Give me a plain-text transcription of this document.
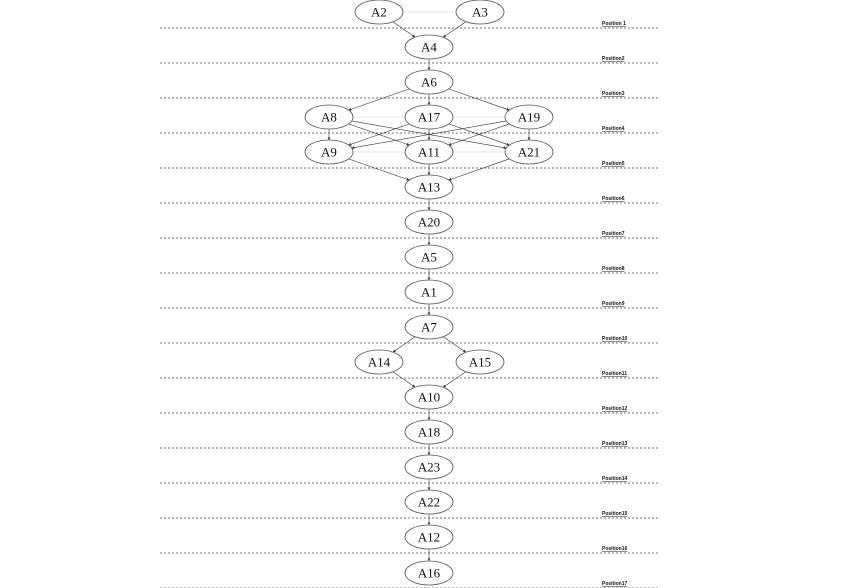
Position 1
Position2
Position3
Position4
Position5
Position6
Position7
Position8
Position9
Position10
Position11
Position12
Position13
Position14
Position15
Position16
Position17
A2	A3
A4
A6
A8	A17	A19
A9	A11	A21
A13
A20
A5
A1
A7
A14	A15
A10
A18
A23
A22
A12
A16
